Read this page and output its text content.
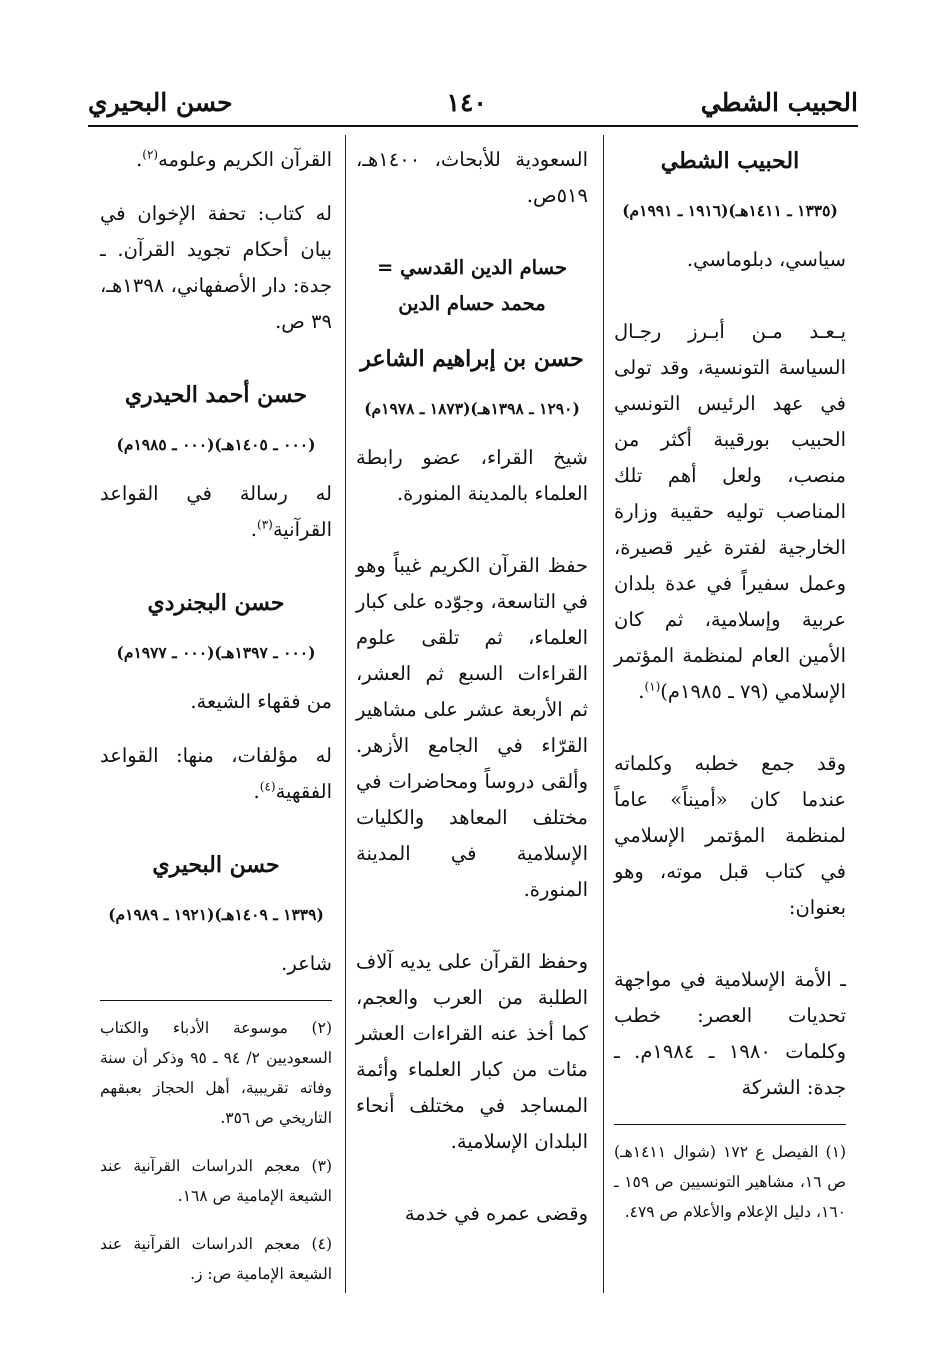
الحبيب الشطي
١٤٠
حسن البحيري

الحبيب الشطي

(١٣٣٥ ـ ١٤١١هـ)(١٩١٦ ـ ١٩٩١م)

سياسي، دبلوماسي.

يـعـد مـن أبـرز رجـال السياسة التونسية، وقد تولى في عهد الرئيس التونسي الحبيب بورقيبة أكثر من منصب، ولعل أهم تلك المناصب توليه حقيبة وزارة الخارجية لفترة غير قصيرة، وعمل سفيراً في عدة بلدان عربية وإسلامية، ثم كان الأمين العام لمنظمة المؤتمر الإسلامي (٧٩ ـ ١٩٨٥م)$^{(١)}$.

وقد جمع خطبه وكلماته عندما كان «أميناً» عاماً لمنظمة المؤتمر الإسلامي في كتاب قبل موته، وهو بعنوان:

ـ الأمة الإسلامية في مواجهة تحديات العصر: خطب وكلمات ١٩٨٠ ـ ١٩٨٤م. ـ جدة: الشركة

(١) الفيصل ع ١٧٢ (شوال ١٤١١هـ) ص ١٦، مشاهير التونسيين ص ١٥٩ ـ ١٦٠، دليل الإعلام والأعلام ص ٤٧٩.

السعودية للأبحاث، ١٤٠٠هـ، ٥١٩ص.

حسام الدين القدسي = محمد حسام الدين

حسن بن إبراهيم الشاعر

(١٢٩٠ ـ ١٣٩٨هـ)(١٨٧٣ ـ ١٩٧٨م)

شيخ القراء، عضو رابطة العلماء بالمدينة المنورة.

حفظ القرآن الكريم غيباً وهو في التاسعة، وجوّده على كبار العلماء، ثم تلقى علوم القراءات السبع ثم العشر، ثم الأربعة عشر على مشاهير القرّاء في الجامع الأزهر. وألقى دروساً ومحاضرات في مختلف المعاهد والكليات الإسلامية في المدينة المنورة.

وحفظ القرآن على يديه آلاف الطلبة من العرب والعجم، كما أخذ عنه القراءات العشر مئات من كبار العلماء وأئمة المساجد في مختلف أنحاء البلدان الإسلامية.

وقضى عمره في خدمة

القرآن الكريم وعلومه$^{(٢)}$.

له كتاب: تحفة الإخوان في بيان أحكام تجويد القرآن. ـ جدة: دار الأصفهاني، ١٣٩٨هـ، ٣٩ ص.

حسن أحمد الحيدري

(٠٠٠ ـ ١٤٠٥هـ)(٠٠٠ ـ ١٩٨٥م)

له رسالة في القواعد القرآنية$^{(٣)}$.

حسن البجنردي

(٠٠٠ ـ ١٣٩٧هـ)(٠٠٠ ـ ١٩٧٧م)

من فقهاء الشيعة.

له مؤلفات، منها: القواعد الفقهية$^{(٤)}$.

حسن البحيري

(١٣٣٩ ـ ١٤٠٩هـ)(١٩٢١ ـ ١٩٨٩م)

شاعر.

(٢) موسوعة الأدباء والكتاب السعوديين ٢/ ٩٤ ـ ٩٥ وذكر أن سنة وفاته تقريبية، أهل الحجاز بعبقهم التاريخي ص ٣٥٦.

(٣) معجم الدراسات القرآنية عند الشيعة الإمامية ص ١٦٨.

(٤) معجم الدراسات القرآنية عند الشيعة الإمامية ص: ز.
